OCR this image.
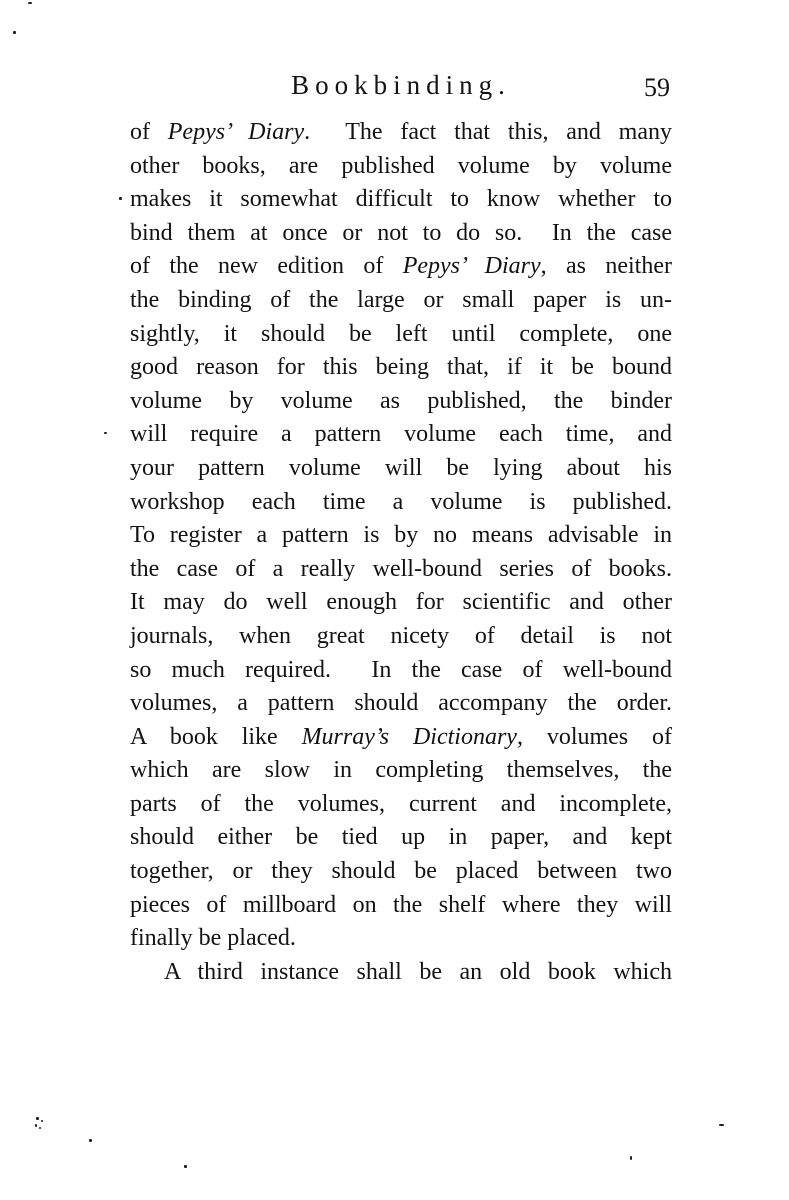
Bookbinding.	59
of Pepys’ Diary.  The fact that this, and many
other books, are published volume by volume
makes it somewhat difficult to know whether to
bind them at once or not to do so.  In the case
of the new edition of Pepys’ Diary, as neither
the binding of the large or small paper is un-
sightly, it should be left until complete, one
good reason for this being that, if it be bound
volume by volume as published, the binder
will require a pattern volume each time, and
your pattern volume will be lying about his
workshop each time a volume is published.
To register a pattern is by no means advisable in
the case of a really well-bound series of books.
It may do well enough for scientific and other
journals, when great nicety of detail is not
so much required.  In the case of well-bound
volumes, a pattern should accompany the order.
A book like Murray’s Dictionary, volumes of
which are slow in completing themselves, the
parts of the volumes, current and incomplete,
should either be tied up in paper, and kept
together, or they should be placed between two
pieces of millboard on the shelf where they will
finally be placed.
A third instance shall be an old book which
